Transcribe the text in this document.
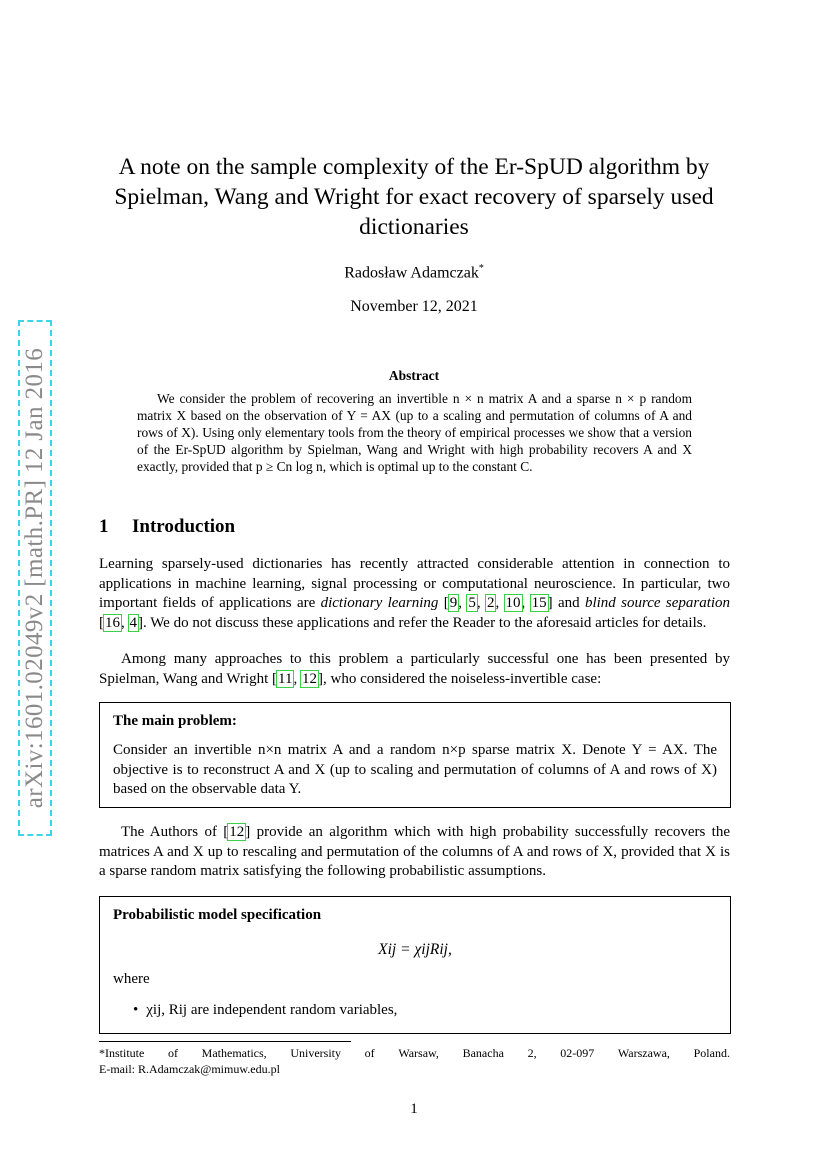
arXiv:1601.02049v2 [math.PR] 12 Jan 2016
A note on the sample complexity of the Er-SpUD algorithm by
Spielman, Wang and Wright for exact recovery of sparsely used
dictionaries
Radosław Adamczak*
November 12, 2021
Abstract
We consider the problem of recovering an invertible n × n matrix A and a sparse n × p random matrix X based on the observation of Y = AX (up to a scaling and permutation of columns of A and rows of X). Using only elementary tools from the theory of empirical processes we show that a version of the Er-SpUD algorithm by Spielman, Wang and Wright with high probability recovers A and X exactly, provided that p ≥ Cn log n, which is optimal up to the constant C.
1 Introduction
Learning sparsely-used dictionaries has recently attracted considerable attention in connection to applications in machine learning, signal processing or computational neuroscience. In particular, two important fields of applications are dictionary learning [9, 5, 2, 10, 15] and blind source separation [16, 4]. We do not discuss these applications and refer the Reader to the aforesaid articles for details.
Among many approaches to this problem a particularly successful one has been presented by Spielman, Wang and Wright [11, 12], who considered the noiseless-invertible case:
The main problem:
Consider an invertible n×n matrix A and a random n×p sparse matrix X. Denote Y = AX. The objective is to reconstruct A and X (up to scaling and permutation of columns of A and rows of X) based on the observable data Y.
The Authors of [12] provide an algorithm which with high probability successfully recovers the matrices A and X up to rescaling and permutation of the columns of A and rows of X, provided that X is a sparse random matrix satisfying the following probabilistic assumptions.
Probabilistic model specification
Xij = χijRij,
where
• χij, Rij are independent random variables,
*Institute of Mathematics, University of Warsaw, Banacha 2, 02-097 Warszawa, Poland.
E-mail: R.Adamczak@mimuw.edu.pl
1
